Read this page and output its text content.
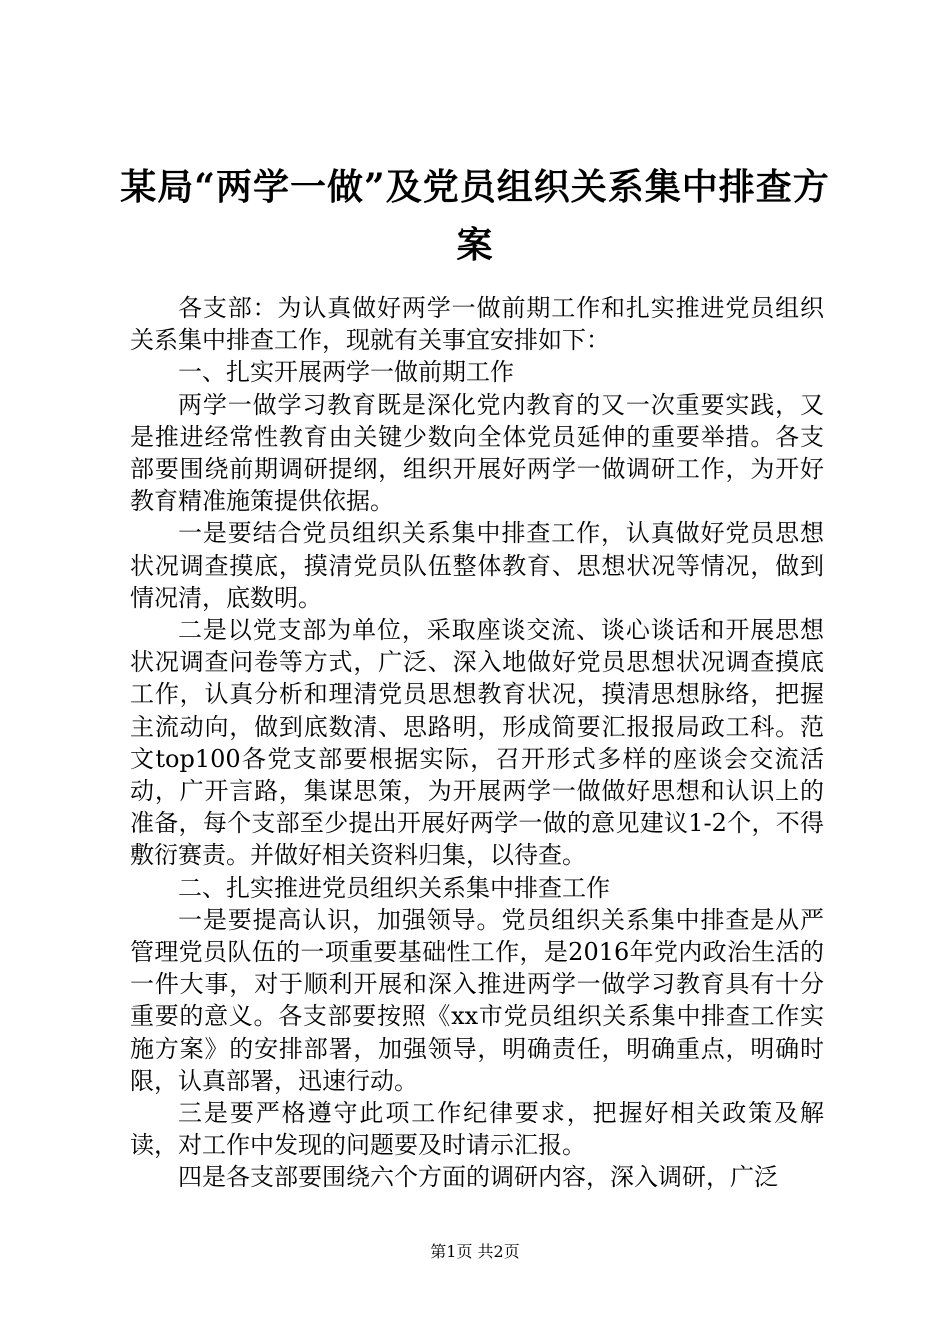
某局“两学一做”及党员组织关系集中排查方案

各支部：为认真做好两学一做前期工作和扎实推进党员组织关系集中排查工作，现就有关事宜安排如下：

一、扎实开展两学一做前期工作

两学一做学习教育既是深化党内教育的又一次重要实践，又是推进经常性教育由关键少数向全体党员延伸的重要举措。各支部要围绕前期调研提纲，组织开展好两学一做调研工作，为开好教育精准施策提供依据。

一是要结合党员组织关系集中排查工作，认真做好党员思想状况调查摸底，摸清党员队伍整体教育、思想状况等情况，做到情况清，底数明。

二是以党支部为单位，采取座谈交流、谈心谈话和开展思想状况调查问卷等方式，广泛、深入地做好党员思想状况调查摸底工作，认真分析和理清党员思想教育状况，摸清思想脉络，把握主流动向，做到底数清、思路明，形成简要汇报报局政工科。范文top100各党支部要根据实际，召开形式多样的座谈会交流活动，广开言路，集谋思策，为开展两学一做做好思想和认识上的准备，每个支部至少提出开展好两学一做的意见建议1-2个，不得敷衍赛责。并做好相关资料归集，以待查。

二、扎实推进党员组织关系集中排查工作

一是要提高认识，加强领导。党员组织关系集中排查是从严管理党员队伍的一项重要基础性工作，是2016年党内政治生活的一件大事，对于顺利开展和深入推进两学一做学习教育具有十分重要的意义。各支部要按照《xx市党员组织关系集中排查工作实施方案》的安排部署，加强领导，明确责任，明确重点，明确时限，认真部署，迅速行动。

三是要严格遵守此项工作纪律要求，把握好相关政策及解读，对工作中发现的问题要及时请示汇报。

四是各支部要围绕六个方面的调研内容，深入调研，广泛

第1页 共2页
